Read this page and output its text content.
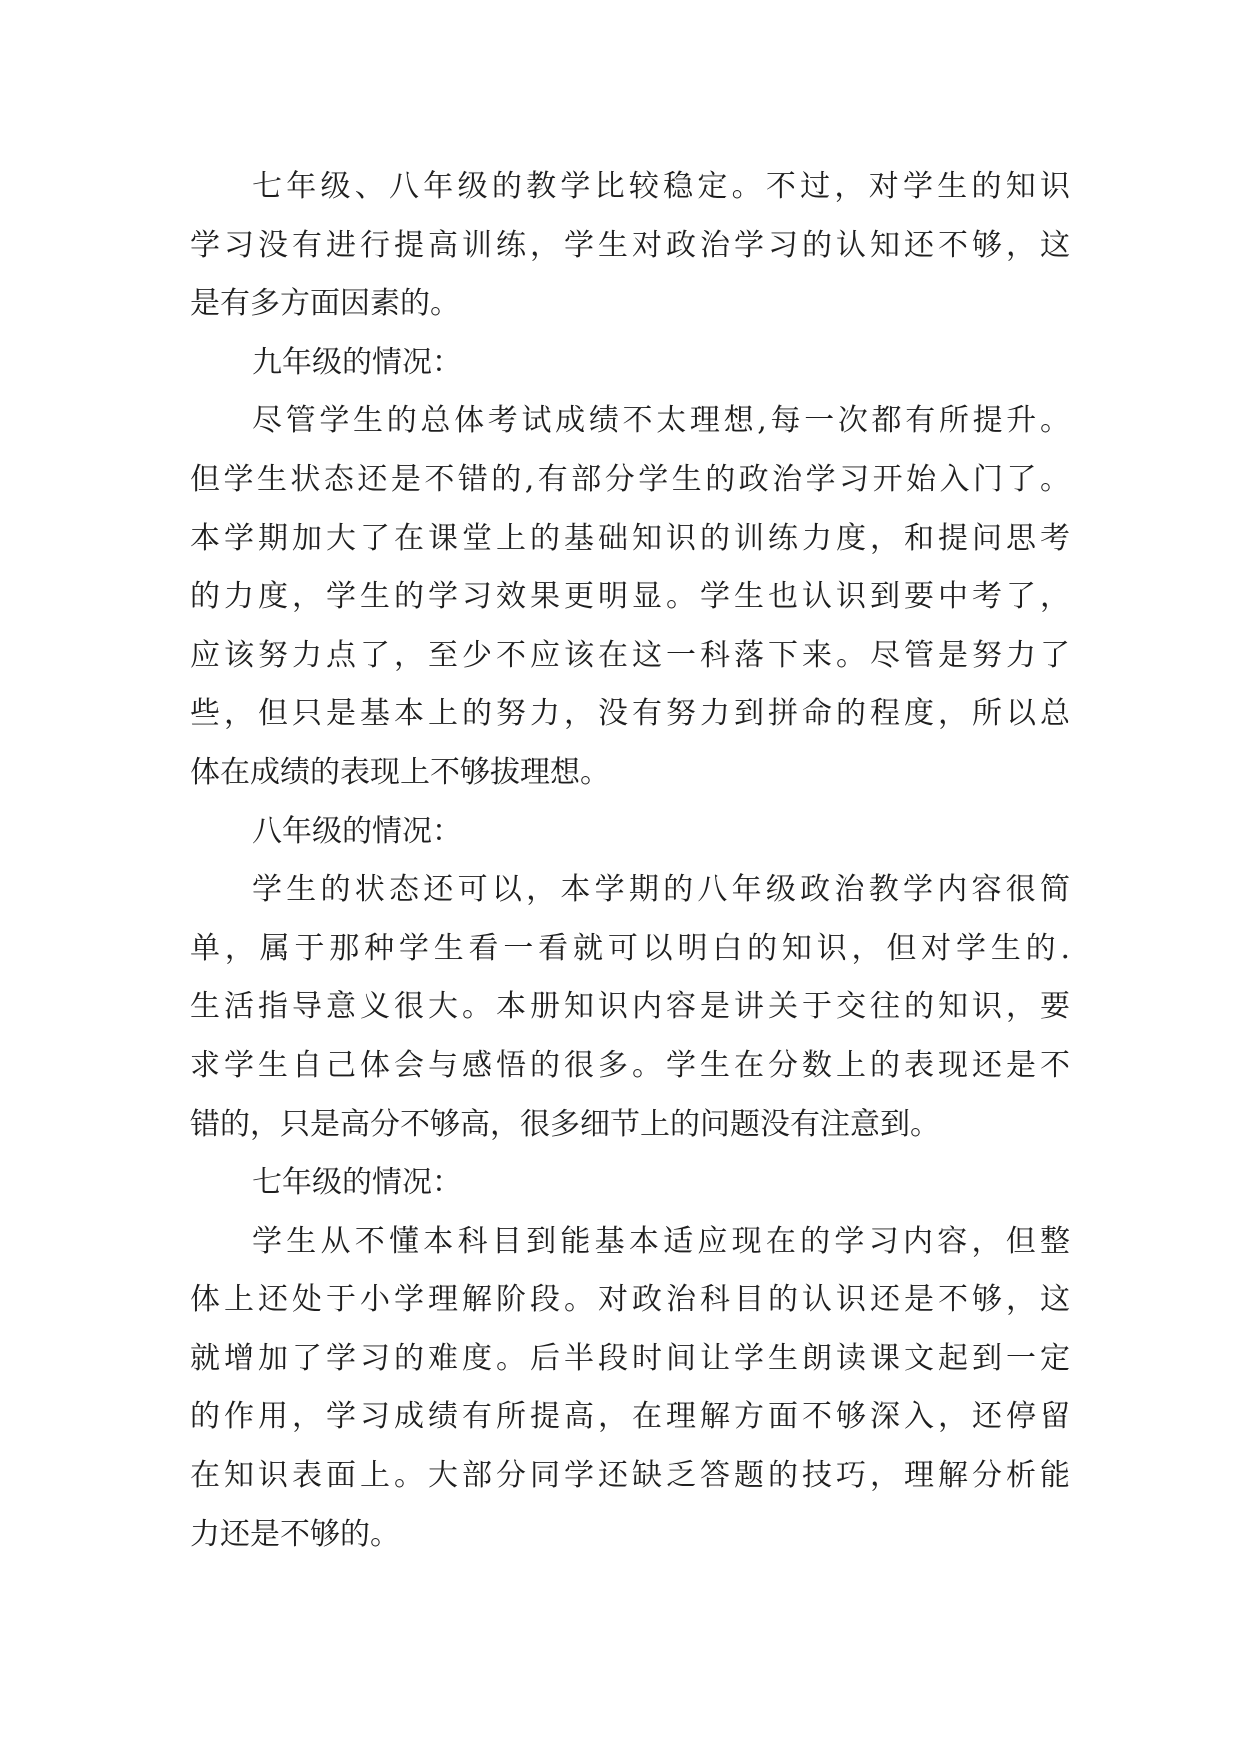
七年级、八年级的教学比较稳定。不过，对学生的知识
学习没有进行提高训练，学生对政治学习的认知还不够，这
是有多方面因素的。
九年级的情况：
尽管学生的总体考试成绩不太理想,每一次都有所提升。
但学生状态还是不错的,有部分学生的政治学习开始入门了。
本学期加大了在课堂上的基础知识的训练力度，和提问思考
的力度，学生的学习效果更明显。学生也认识到要中考了，
应该努力点了，至少不应该在这一科落下来。尽管是努力了
些，但只是基本上的努力，没有努力到拼命的程度，所以总
体在成绩的表现上不够拔理想。
八年级的情况：
学生的状态还可以，本学期的八年级政治教学内容很简
单，属于那种学生看一看就可以明白的知识，但对学生的.
生活指导意义很大。本册知识内容是讲关于交往的知识，要
求学生自己体会与感悟的很多。学生在分数上的表现还是不
错的，只是高分不够高，很多细节上的问题没有注意到。
七年级的情况：
学生从不懂本科目到能基本适应现在的学习内容，但整
体上还处于小学理解阶段。对政治科目的认识还是不够，这
就增加了学习的难度。后半段时间让学生朗读课文起到一定
的作用，学习成绩有所提高，在理解方面不够深入，还停留
在知识表面上。大部分同学还缺乏答题的技巧，理解分析能
力还是不够的。
